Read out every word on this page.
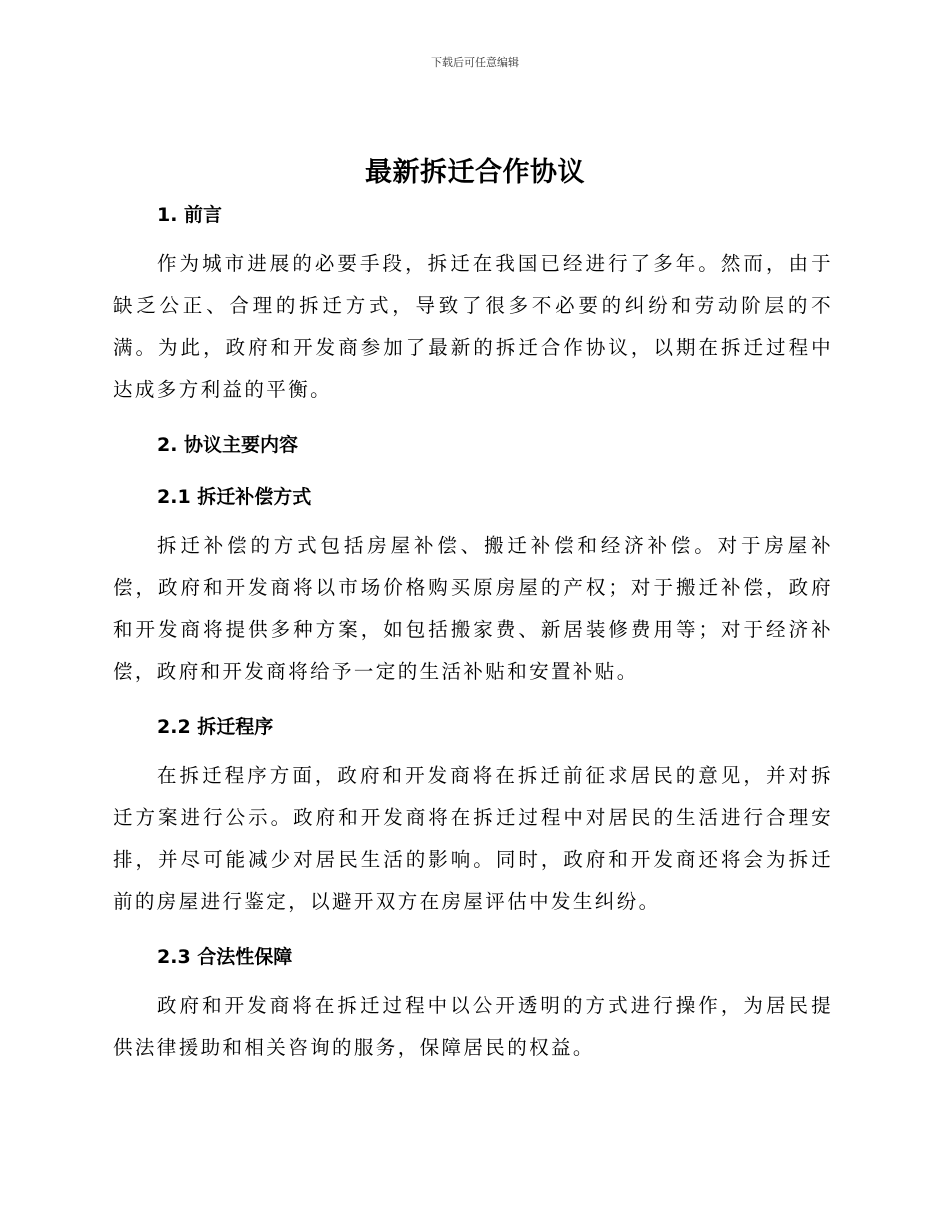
下载后可任意编辑
最新拆迁合作协议
1. 前言

作为城市进展的必要手段，拆迁在我国已经进行了多年。然而，由于缺乏公正、合理的拆迁方式，导致了很多不必要的纠纷和劳动阶层的不满。为此，政府和开发商参加了最新的拆迁合作协议，以期在拆迁过程中达成多方利益的平衡。

2. 协议主要内容
2.1 拆迁补偿方式

拆迁补偿的方式包括房屋补偿、搬迁补偿和经济补偿。对于房屋补偿，政府和开发商将以市场价格购买原房屋的产权；对于搬迁补偿，政府和开发商将提供多种方案，如包括搬家费、新居装修费用等；对于经济补偿，政府和开发商将给予一定的生活补贴和安置补贴。

2.2 拆迁程序

在拆迁程序方面，政府和开发商将在拆迁前征求居民的意见，并对拆迁方案进行公示。政府和开发商将在拆迁过程中对居民的生活进行合理安排，并尽可能减少对居民生活的影响。同时，政府和开发商还将会为拆迁前的房屋进行鉴定，以避开双方在房屋评估中发生纠纷。

2.3 合法性保障

政府和开发商将在拆迁过程中以公开透明的方式进行操作，为居民提供法律援助和相关咨询的服务，保障居民的权益。
